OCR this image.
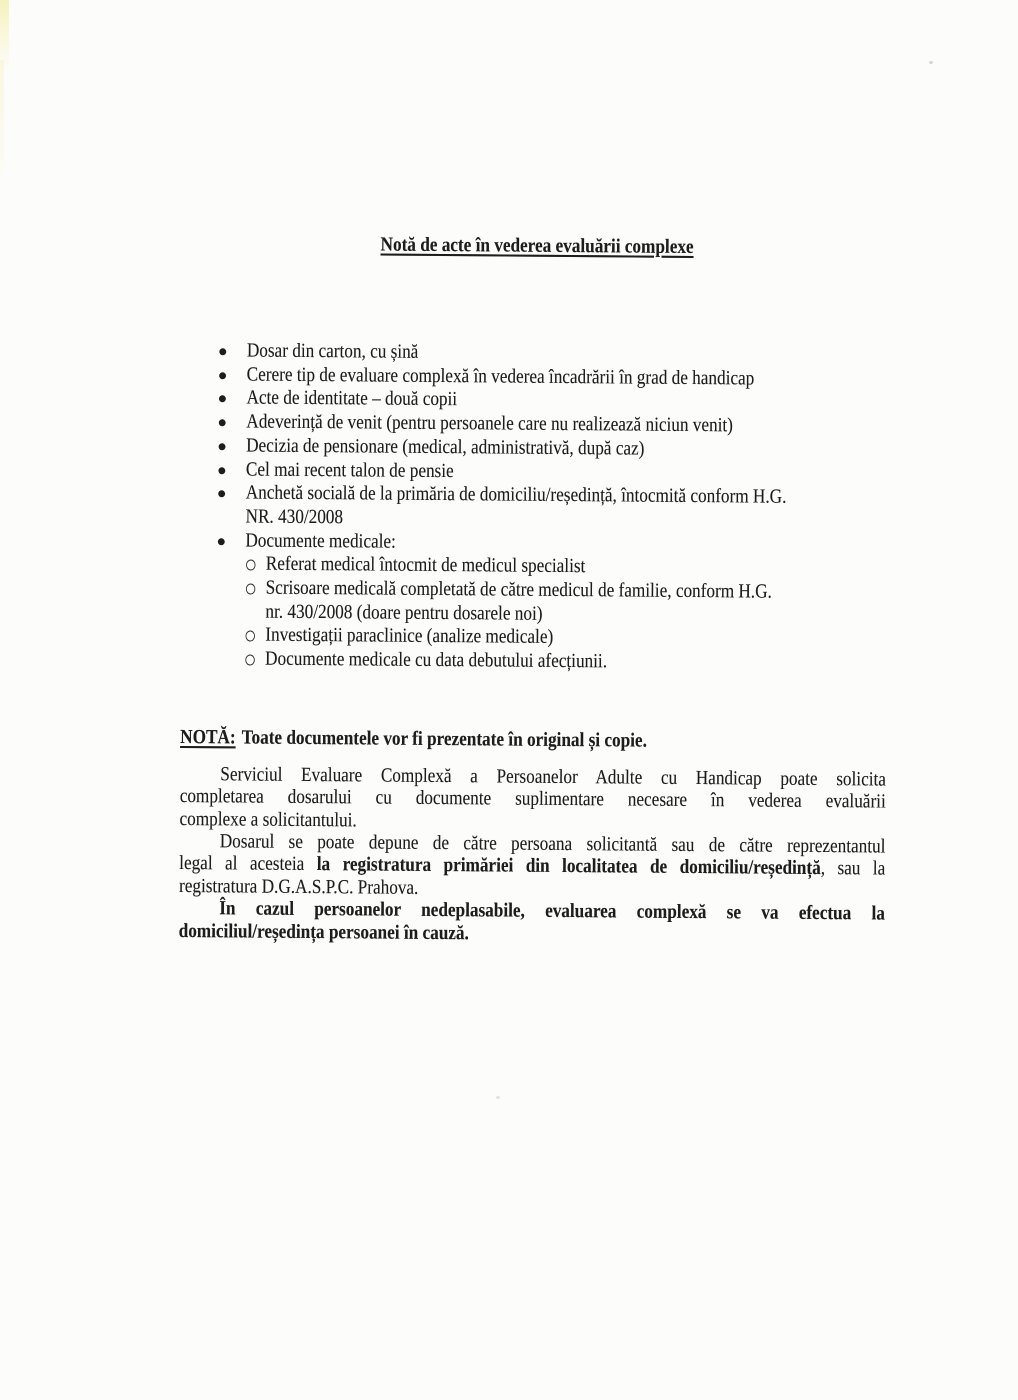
Notă de acte în vederea evaluării complexe
Dosar din carton, cu șină
Cerere tip de evaluare complexă în vederea încadrării în grad de handicap
Acte de identitate – două copii
Adeverință de venit (pentru persoanele care nu realizează niciun venit)
Decizia de pensionare (medical, administrativă, după caz)
Cel mai recent talon de pensie
Anchetă socială de la primăria de domiciliu/reședință, întocmită conform H.G.
NR. 430/2008
Documente medicale:
Referat medical întocmit de medicul specialist
Scrisoare medicală completată de către medicul de familie, conform H.G.
nr. 430/2008 (doare pentru dosarele noi)
Investigații paraclinice (analize medicale)
Documente medicale cu data debutului afecțiunii.
NOTĂ: Toate documentele vor fi prezentate în original și copie.
Serviciul Evaluare Complexă a Persoanelor Adulte cu Handicap poate solicita
completarea dosarului cu documente suplimentare necesare în vederea evaluării
complexe a solicitantului.
Dosarul se poate depune de către persoana solicitantă sau de către reprezentantul
legal al acesteia la registratura primăriei din localitatea de domiciliu/reședință, sau la
registratura D.G.A.S.P.C. Prahova.
În cazul persoanelor nedeplasabile, evaluarea complexă se va efectua la
domiciliul/reședința persoanei în cauză.
